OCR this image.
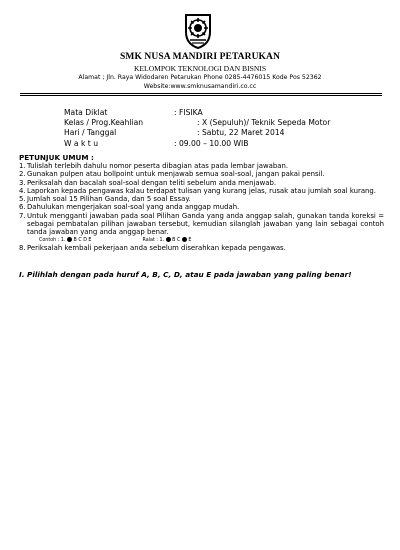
SMK NUSA MANDIRI PETARUKAN
KELOMPOK TEKNOLOGI DAN BISNIS
Alamat ; Jln. Raya Widodaren Petarukan Phone 0285-4476015 Kode Pos 52362
Website:www.smknusamandiri.co.cc
Mata Diklat	: FISIKA
Kelas / Prog.Keahlian	: X (Sepuluh)/ Teknik Sepeda Motor
Hari / Tanggal	: Sabtu, 22 Maret 2014
W a k t u	: 09.00 – 10.00 WIB
PETUNJUK UMUM :
1. Tulislah terlebih dahulu nomor peserta dibagian atas pada lembar jawaban.
2. Gunakan pulpen atau bollpoint untuk menjawab semua soal-soal, jangan pakai pensil.
3. Periksalah dan bacalah soal-soal dengan teliti sebelum anda menjawab.
4. Laporkan kepada pengawas kalau terdapat tulisan yang kurang jelas, rusak atau jumlah soal kurang.
5. Jumlah soal 15 Pilihan Ganda, dan 5 soal Essay.
6. Dahulukan mengerjakan soal-soal yang anda anggap mudah.
7. Untuk mengganti jawaban pada soal Pilihan Ganda yang anda anggap salah, gunakan tanda koreksi = sebagai pembatalan pilihan jawaban tersebut, kemudian silanglah jawaban yang lain sebagai contoh tanda jawaban yang anda anggap benar.
Contoh : 1. B C D E	Ralat : 1. B C E
8. Periksalah kembali pekerjaan anda sebelum diserahkan kepada pengawas.
I. Pilihlah dengan pada huruf A, B, C, D, atau E pada jawaban yang paling benar!
